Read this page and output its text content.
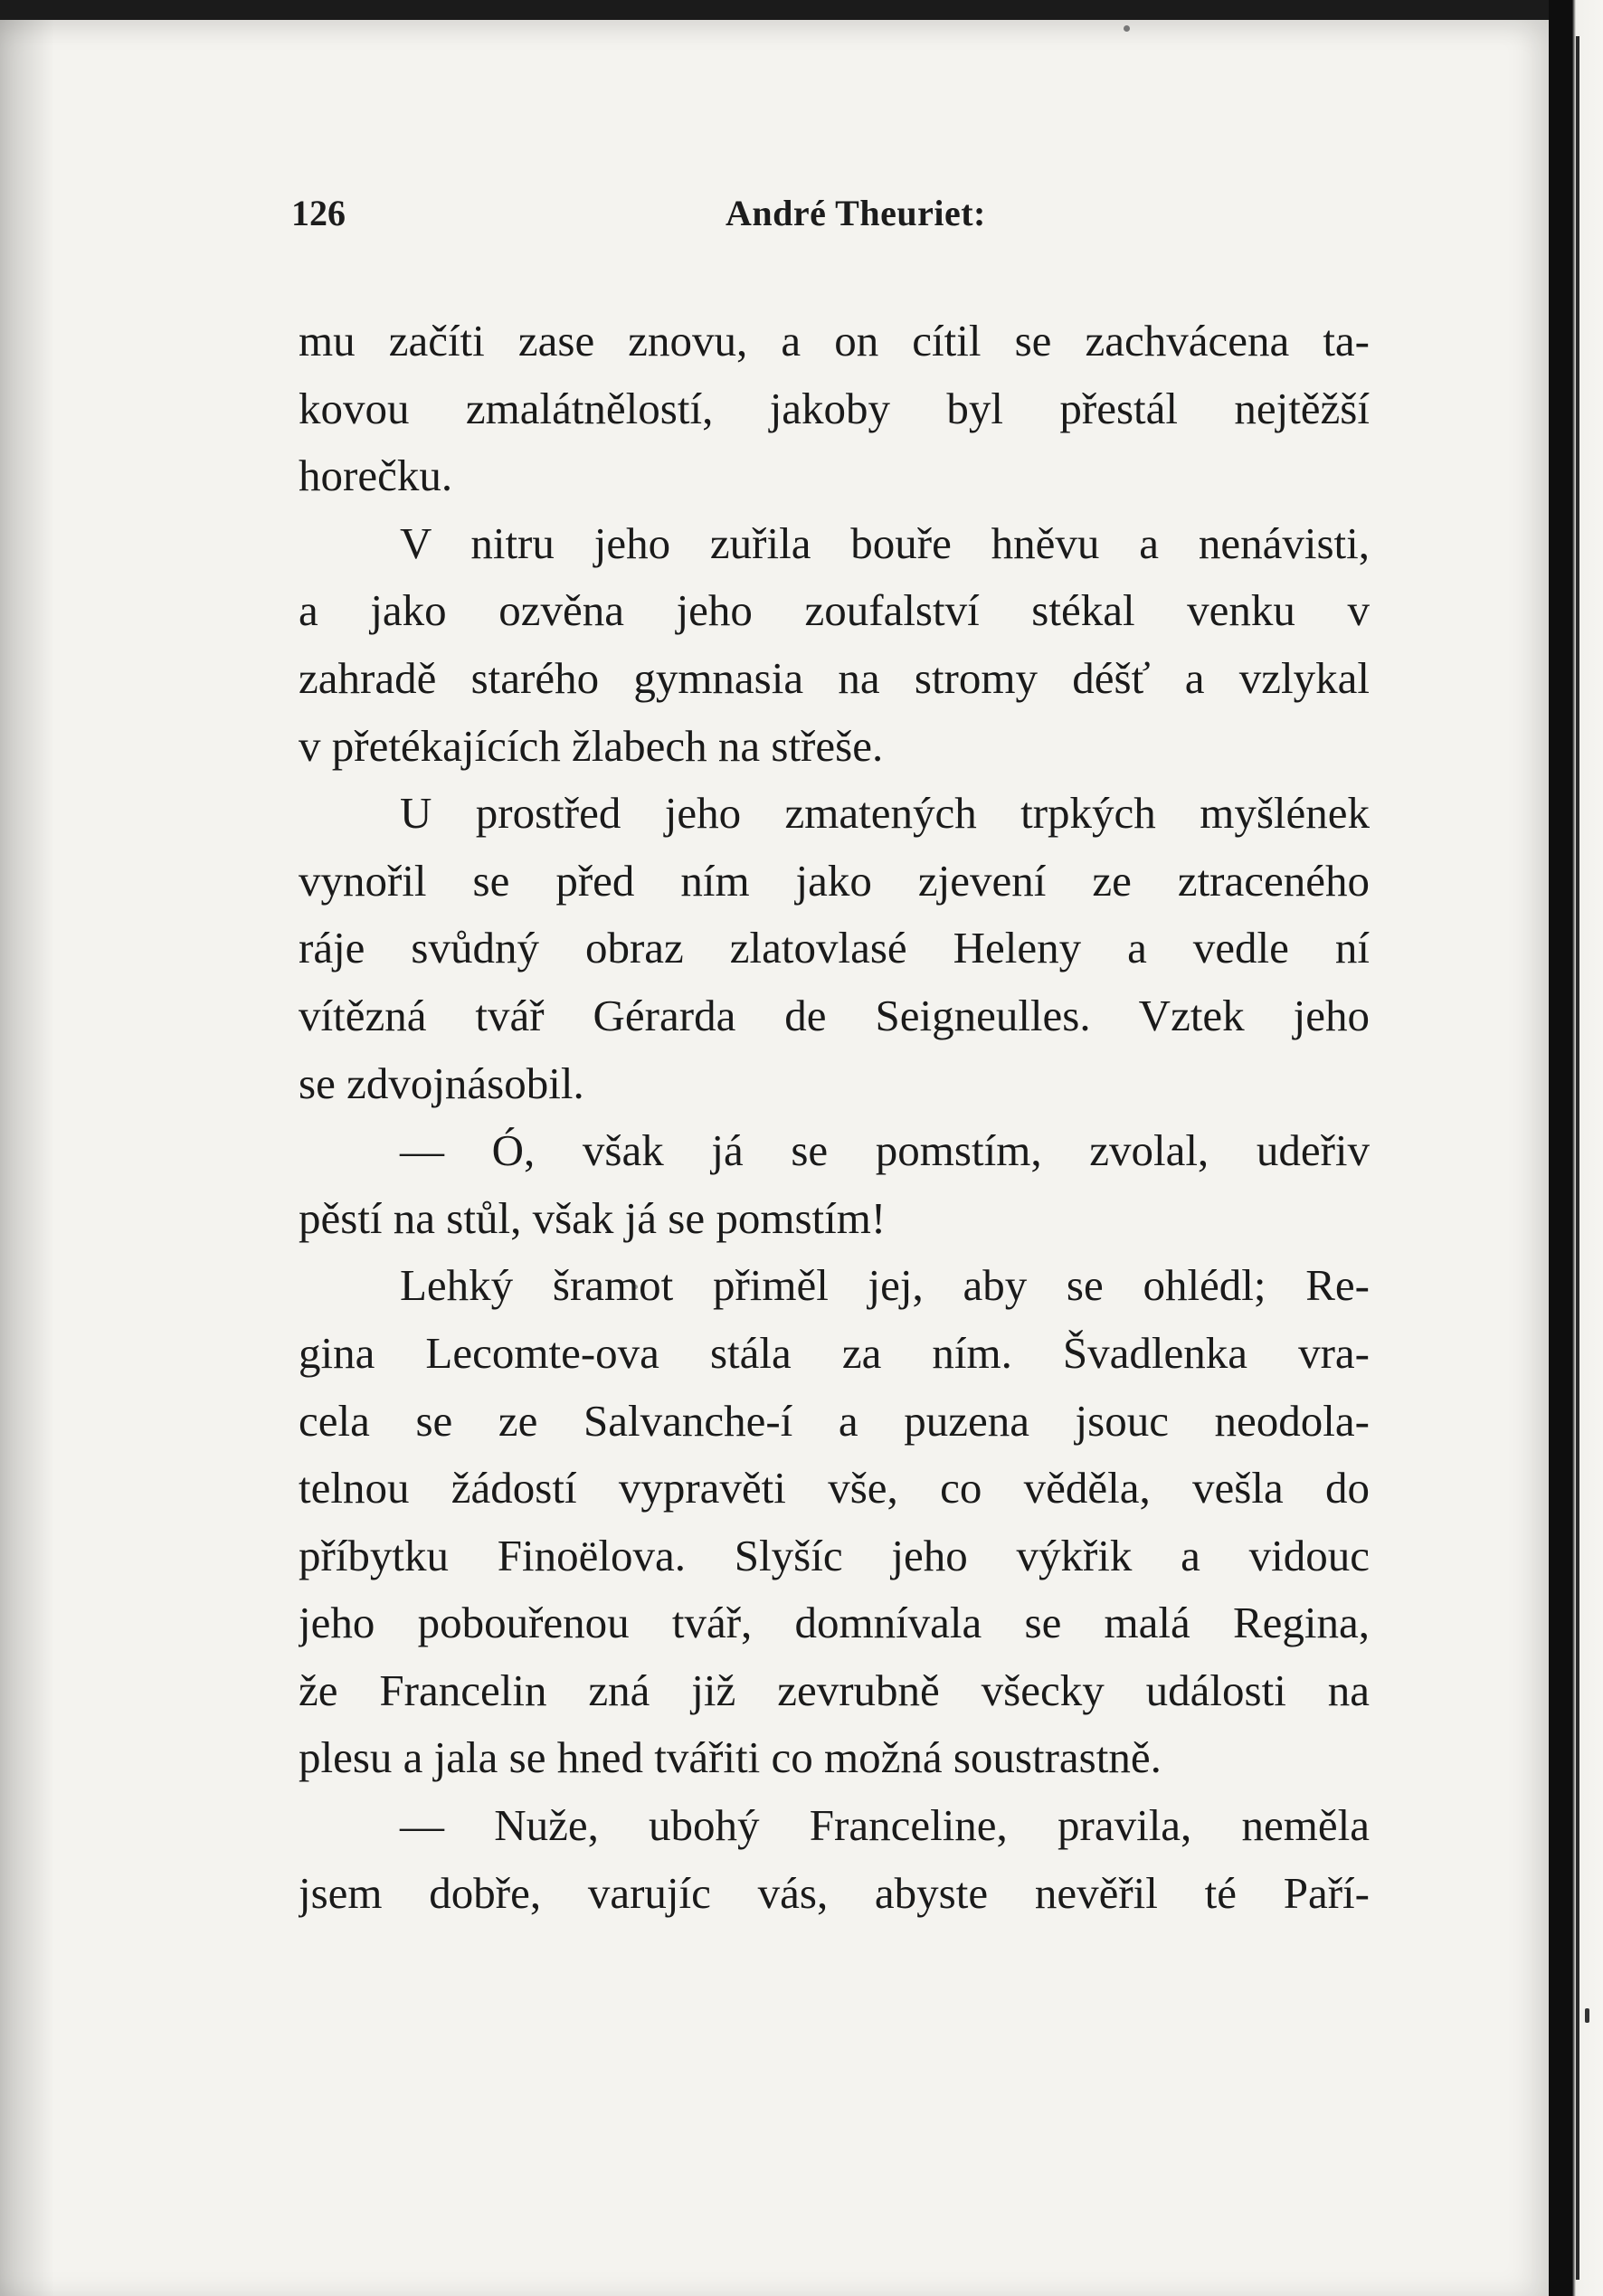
126	André Theuriet:
mu začíti zase znovu, a on cítil se zachvácena ta-
kovou zmalátnělostí, jakoby byl přestál nejtěžší
horečku.
V nitru jeho zuřila bouře hněvu a nenávisti,
a jako ozvěna jeho zoufalství stékal venku v
zahradě starého gymnasia na stromy déšť a vzlykal
v přetékajících žlabech na střeše.
U prostřed jeho zmatených trpkých myšlének
vynořil se před ním jako zjevení ze ztraceného
ráje svůdný obraz zlatovlasé Heleny a vedle ní
vítězná tvář Gérarda de Seigneulles. Vztek jeho
se zdvojnásobil.
— Ó, však já se pomstím, zvolal, udeřiv
pěstí na stůl, však já se pomstím!
Lehký šramot přiměl jej, aby se ohlédl; Re-
gina Lecomte-ova stála za ním. Švadlenka vra-
cela se ze Salvanche-í a puzena jsouc neodola-
telnou žádostí vypravěti vše, co věděla, vešla do
příbytku Finoëlova. Slyšíc jeho výkřik a vidouc
jeho pobouřenou tvář, domnívala se malá Regina,
že Francelin zná již zevrubně všecky události na
plesu a jala se hned tvářiti co možná soustrastně.
— Nuže, ubohý Franceline, pravila, neměla
jsem dobře, varujíc vás, abyste nevěřil té Paří-
